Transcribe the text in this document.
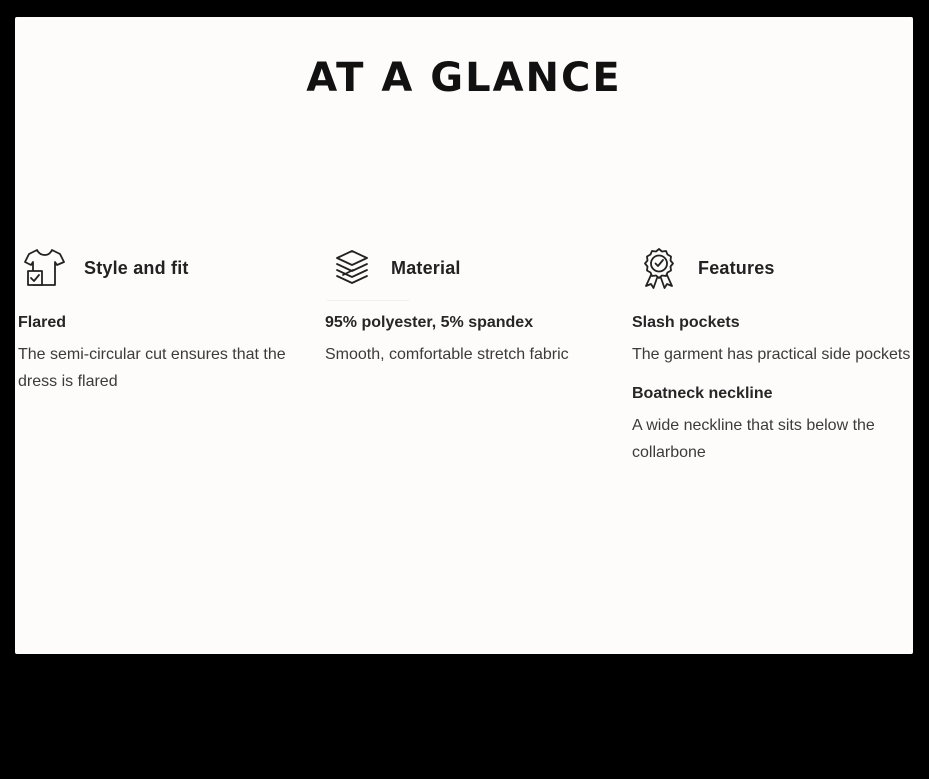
AT A GLANCE
Style and fit
Flared
The semi-circular cut ensures that the dress is flared
Material
95% polyester, 5% spandex
Smooth, comfortable stretch fabric
Features
Slash pockets
The garment has practical side pockets
Boatneck neckline
A wide neckline that sits below the collarbone
